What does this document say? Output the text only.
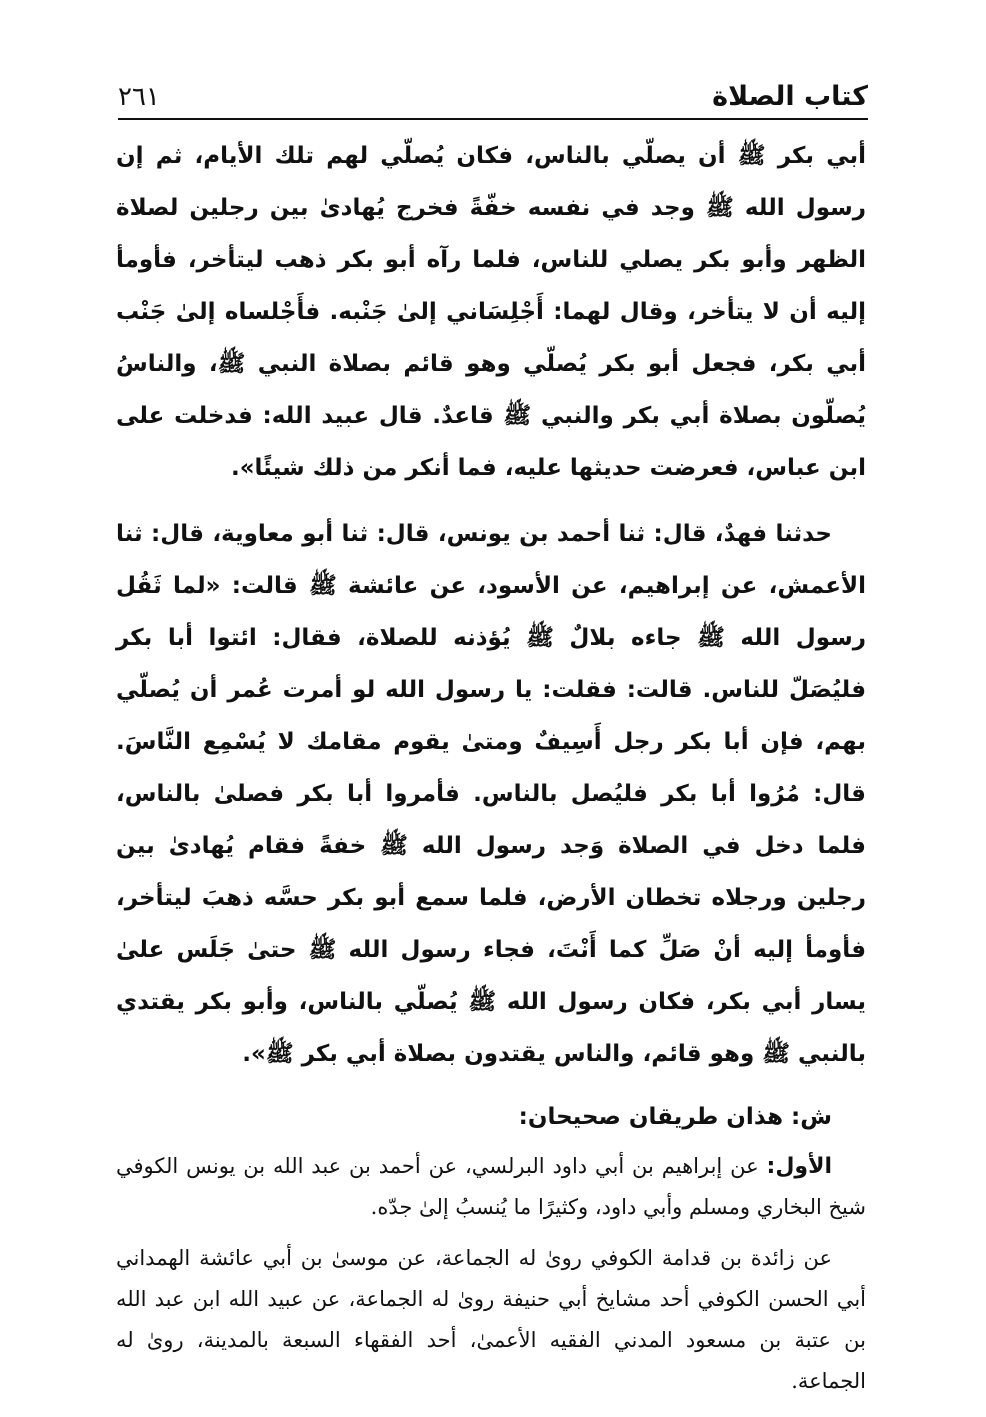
كتاب الصلاة
٢٦١

أبي بكر ﷺ أن يصلّي بالناس، فكان يُصلّي لهم تلك الأيام، ثم إن رسول الله ﷺ وجد في نفسه خفّةً فخرج يُهادىٰ بين رجلين لصلاة الظهر وأبو بكر يصلي للناس، فلما رآه أبو بكر ذهب ليتأخر، فأومأ إليه أن لا يتأخر، وقال لهما: أَجْلِسَاني إلىٰ جَنْبه. فأَجْلساه إلىٰ جَنْب أبي بكر، فجعل أبو بكر يُصلّي وهو قائم بصلاة النبي ﷺ، والناسُ يُصلّون بصلاة أبي بكر والنبي ﷺ قاعدٌ. قال عبيد الله: فدخلت على ابن عباس، فعرضت حديثها عليه، فما أنكر من ذلك شيئًا».

حدثنا فهدٌ، قال: ثنا أحمد بن يونس، قال: ثنا أبو معاوية، قال: ثنا الأعمش، عن إبراهيم، عن الأسود، عن عائشة ﷺ قالت: «لما ثَقُل رسول الله ﷺ جاءه بلالٌ ﷺ يُؤذنه للصلاة، فقال: ائتوا أبا بكر فليُصَلّ للناس. قالت: فقلت: يا رسول الله لو أمرت عُمر أن يُصلّي بهم، فإن أبا بكر رجل أَسِيفٌ ومتىٰ يقوم مقامك لا يُسْمِع النَّاسَ. قال: مُرُوا أبا بكر فليُصل بالناس. فأمروا أبا بكر فصلىٰ بالناس، فلما دخل في الصلاة وَجد رسول الله ﷺ خفةً فقام يُهادىٰ بين رجلين ورجلاه تخطان الأرض، فلما سمع أبو بكر حسَّه ذهبَ ليتأخر، فأومأ إليه أنْ صَلِّ كما أَنْتَ، فجاء رسول الله ﷺ حتىٰ جَلَس علىٰ يسار أبي بكر، فكان رسول الله ﷺ يُصلّي بالناس، وأبو بكر يقتدي بالنبي ﷺ وهو قائم، والناس يقتدون بصلاة أبي بكر ﷺ».

ش: هذان طريقان صحيحان:

الأول: عن إبراهيم بن أبي داود البرلسي، عن أحمد بن عبد الله بن يونس الكوفي شيخ البخاري ومسلم وأبي داود، وكثيرًا ما يُنسبُ إلىٰ جدّه.

عن زائدة بن قدامة الكوفي روىٰ له الجماعة، عن موسىٰ بن أبي عائشة الهمداني أبي الحسن الكوفي أحد مشايخ أبي حنيفة روىٰ له الجماعة، عن عبيد الله ابن عبد الله بن عتبة بن مسعود المدني الفقيه الأعمىٰ، أحد الفقهاء السبعة بالمدينة، روىٰ له الجماعة.
